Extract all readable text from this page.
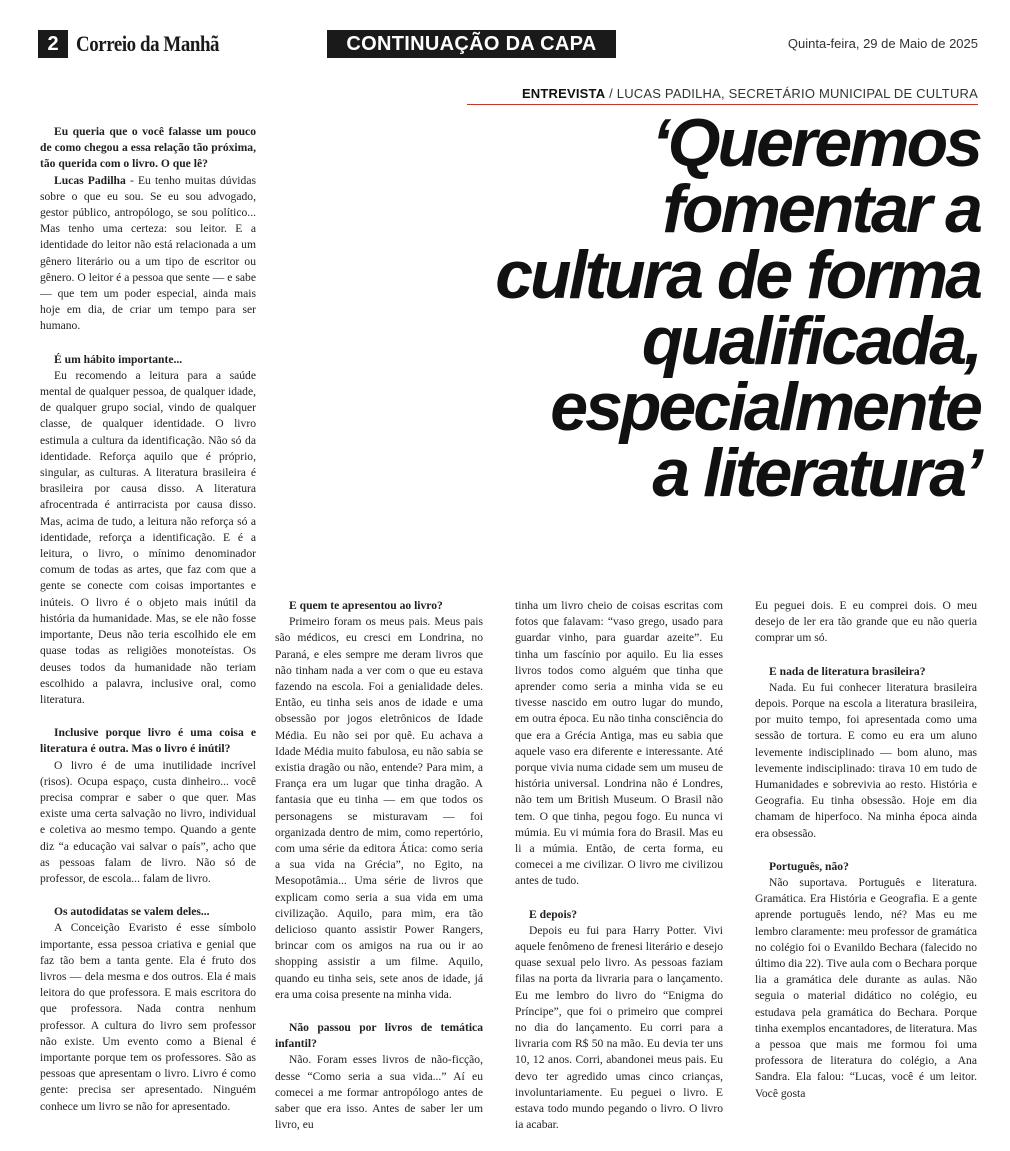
2 Correio da Manhã	CONTINUAÇÃO DA CAPA	Quinta-feira, 29 de Maio de 2025
ENTREVISTA / LUCAS PADILHA, SECRETÁRIO MUNICIPAL DE CULTURA
‘Queremos
fomentar a
cultura de forma
qualificada,
especialmente
a literatura’

Eu queria que o você falasse um pouco de como chegou a essa relação tão próxima, tão querida com o livro. O que lê?

Lucas Padilha - Eu tenho muitas dúvidas sobre o que eu sou. Se eu sou advogado, gestor público, antropólogo, se sou político... Mas tenho uma certeza: sou leitor. E a identidade do leitor não está relacionada a um gênero literário ou a um tipo de escritor ou gênero. O leitor é a pessoa que sente — e sabe — que tem um poder especial, ainda mais hoje em dia, de criar um tempo para ser humano.

É um hábito importante...

Eu recomendo a leitura para a saúde mental de qualquer pessoa, de qualquer idade, de qualquer grupo social, vindo de qualquer classe, de qualquer identidade. O livro estimula a cultura da identificação. Não só da identidade. Reforça aquilo que é próprio, singular, as culturas. A literatura brasileira é brasileira por causa disso. A literatura afrocentrada é antirracista por causa disso. Mas, acima de tudo, a leitura não reforça só a identidade, reforça a identificação. E é a leitura, o livro, o mínimo denominador comum de todas as artes, que faz com que a gente se conecte com coisas importantes e inúteis. O livro é o objeto mais inútil da história da humanidade. Mas, se ele não fosse importante, Deus não teria escolhido ele em quase todas as religiões monoteístas. Os deuses todos da humanidade não teriam escolhido a palavra, inclusive oral, como literatura.

Inclusive porque livro é uma coisa e literatura é outra. Mas o livro é inútil?

O livro é de uma inutilidade incrível (risos). Ocupa espaço, custa dinheiro... você precisa comprar e saber o que quer. Mas existe uma certa salvação no livro, individual e coletiva ao mesmo tempo. Quando a gente diz “a educação vai salvar o país”, acho que as pessoas falam de livro. Não só de professor, de escola... falam de livro.

Os autodidatas se valem deles...

A Conceição Evaristo é esse símbolo importante, essa pessoa criativa e genial que faz tão bem a tanta gente. Ela é fruto dos livros — dela mesma e dos outros. Ela é mais leitora do que professora. E mais escritora do que professora. Nada contra nenhum professor. A cultura do livro sem professor não existe. Um evento como a Bienal é importante porque tem os professores. São as pessoas que apresentam o livro. Livro é como gente: precisa ser apresentado. Ninguém conhece um livro se não for apresentado.

E quem te apresentou ao livro?

Primeiro foram os meus pais. Meus pais são médicos, eu cresci em Londrina, no Paraná, e eles sempre me deram livros que não tinham nada a ver com o que eu estava fazendo na escola. Foi a genialidade deles. Então, eu tinha seis anos de idade e uma obsessão por jogos eletrônicos de Idade Média. Eu não sei por quê. Eu achava a Idade Média muito fabulosa, eu não sabia se existia dragão ou não, entende? Para mim, a França era um lugar que tinha dragão. A fantasia que eu tinha — em que todos os personagens se misturavam — foi organizada dentro de mim, como repertório, com uma série da editora Ática: como seria a sua vida na Grécia”, no Egito, na Mesopotâmia... Uma série de livros que explicam como seria a sua vida em uma civilização. Aquilo, para mim, era tão delicioso quanto assistir Power Rangers, brincar com os amigos na rua ou ir ao shopping assistir a um filme. Aquilo, quando eu tinha seis, sete anos de idade, já era uma coisa presente na minha vida.

Não passou por livros de temática infantil?

Não. Foram esses livros de não-ficção, desse “Como seria a sua vida...” Aí eu comecei a me formar antropólogo antes de saber que era isso. Antes de saber ler um livro, eu

tinha um livro cheio de coisas escritas com fotos que falavam: “vaso grego, usado para guardar vinho, para guardar azeite”. Eu tinha um fascínio por aquilo. Eu lia esses livros todos como alguém que tinha que aprender como seria a minha vida se eu tivesse nascido em outro lugar do mundo, em outra época. Eu não tinha consciência do que era a Grécia Antiga, mas eu sabia que aquele vaso era diferente e interessante. Até porque vivia numa cidade sem um museu de história universal. Londrina não é Londres, não tem um British Museum. O Brasil não tem. O que tinha, pegou fogo. Eu nunca vi múmia. Eu vi múmia fora do Brasil. Mas eu li a múmia. Então, de certa forma, eu comecei a me civilizar. O livro me civilizou antes de tudo.

E depois?

Depois eu fui para Harry Potter. Vivi aquele fenômeno de frenesi literário e desejo quase sexual pelo livro. As pessoas faziam filas na porta da livraria para o lançamento. Eu me lembro do livro do “Enigma do Príncipe”, que foi o primeiro que comprei no dia do lançamento. Eu corri para a livraria com R$ 50 na mão. Eu devia ter uns 10, 12 anos. Corri, abandonei meus pais. Eu devo ter agredido umas cinco crianças, involuntariamente. Eu peguei o livro. E estava todo mundo pegando o livro. O livro ia acabar.

Eu peguei dois. E eu comprei dois. O meu desejo de ler era tão grande que eu não queria comprar um só.

E nada de literatura brasileira?

Nada. Eu fui conhecer literatura brasileira depois. Porque na escola a literatura brasileira, por muito tempo, foi apresentada como uma sessão de tortura. E como eu era um aluno levemente indisciplinado — bom aluno, mas levemente indisciplinado: tirava 10 em tudo de Humanidades e sobrevivia ao resto. História e Geografia. Eu tinha obsessão. Hoje em dia chamam de hiperfoco. Na minha época ainda era obsessão.

Português, não?

Não suportava. Português e literatura. Gramática. Era História e Geografia. E a gente aprende português lendo, né? Mas eu me lembro claramente: meu professor de gramática no colégio foi o Evanildo Bechara (falecido no último dia 22). Tive aula com o Bechara porque lia a gramática dele durante as aulas. Não seguia o material didático no colégio, eu estudava pela gramática do Bechara. Porque tinha exemplos encantadores, de literatura. Mas a pessoa que mais me formou foi uma professora de literatura do colégio, a Ana Sandra. Ela falou: “Lucas, você é um leitor. Você gosta
